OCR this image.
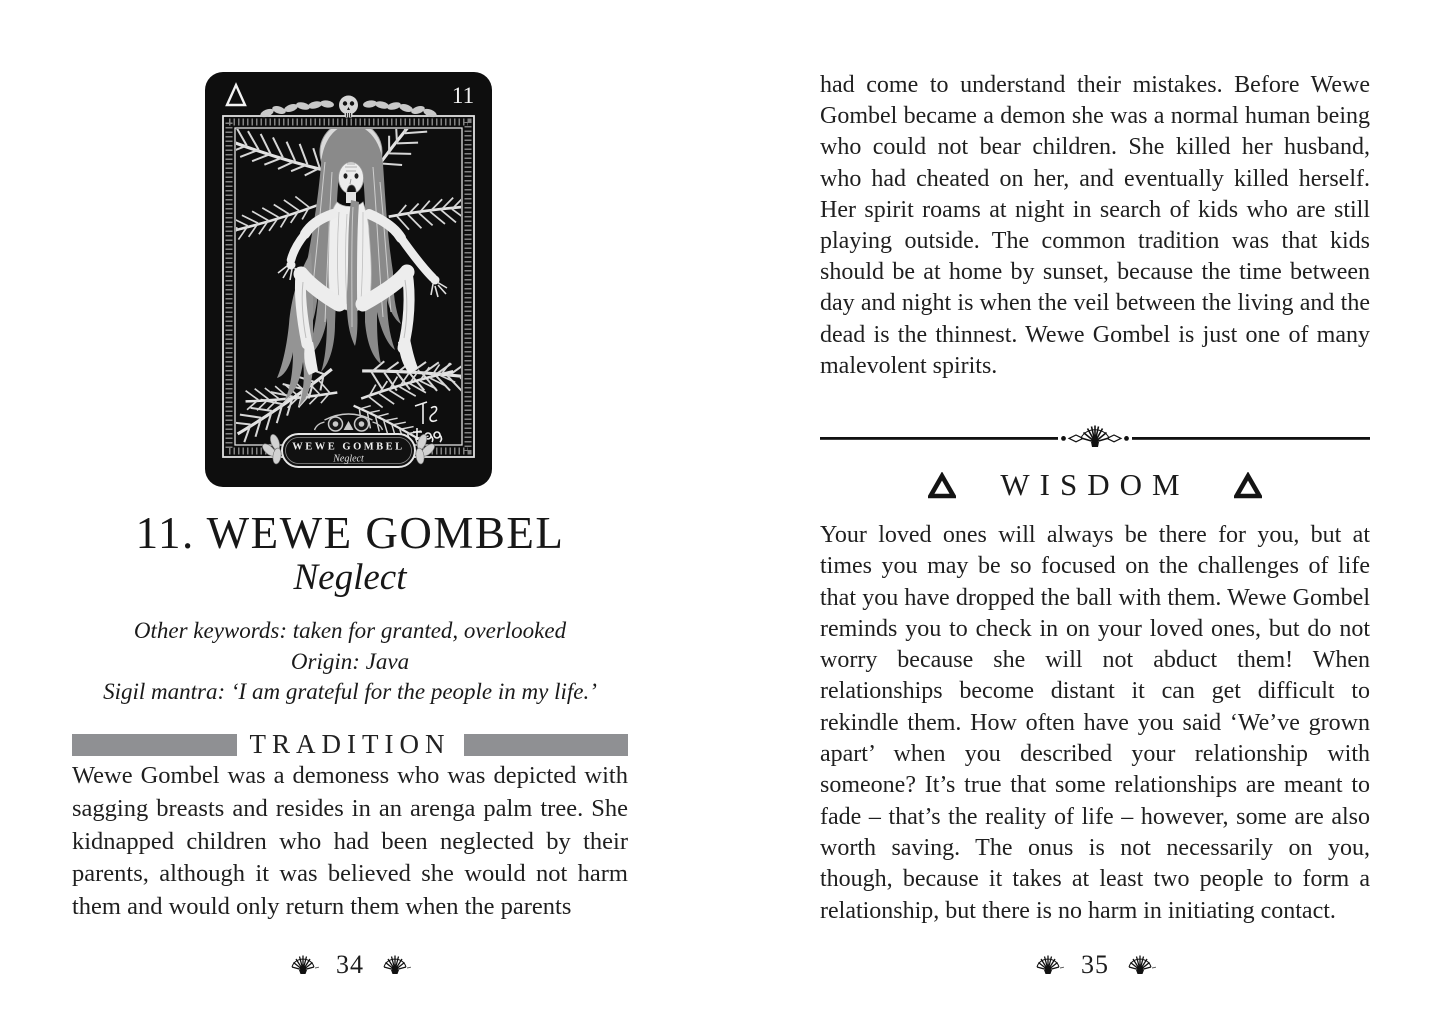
11
WEWE GOMBEL
Neglect
11. WEWE GOMBEL
Neglect
Other keywords: taken for granted, overlooked
Origin: Java
Sigil mantra: ‘I am grateful for the people in my life.’
TRADITION

Wewe Gombel was a demoness who was depicted with sagging breasts and resides in an arenga palm tree. She kidnapped children who had been neglected by their parents, although it was believed she would not harm them and would only return them when the parents

34

had come to understand their mistakes. Before Wewe Gombel became a demon she was a normal human being who could not bear children. She killed her husband, who had cheated on her, and eventually killed herself. Her spirit roams at night in search of kids who are still playing outside. The common tradition was that kids should be at home by sunset, because the time between day and night is when the veil between the living and the dead is the thinnest. Wewe Gombel is just one of many malevolent spirits.

WISDOM

Your loved ones will always be there for you, but at times you may be so focused on the challenges of life that you have dropped the ball with them. Wewe Gombel reminds you to check in on your loved ones, but do not worry because she will not abduct them! When relationships become distant it can get difficult to rekindle them. How often have you said ‘We’ve grown apart’ when you described your relationship with someone? It’s true that some relationships are meant to fade – that’s the reality of life – however, some are also worth saving. The onus is not necessarily on you, though, because it takes at least two people to form a relationship, but there is no harm in initiating contact.

35
